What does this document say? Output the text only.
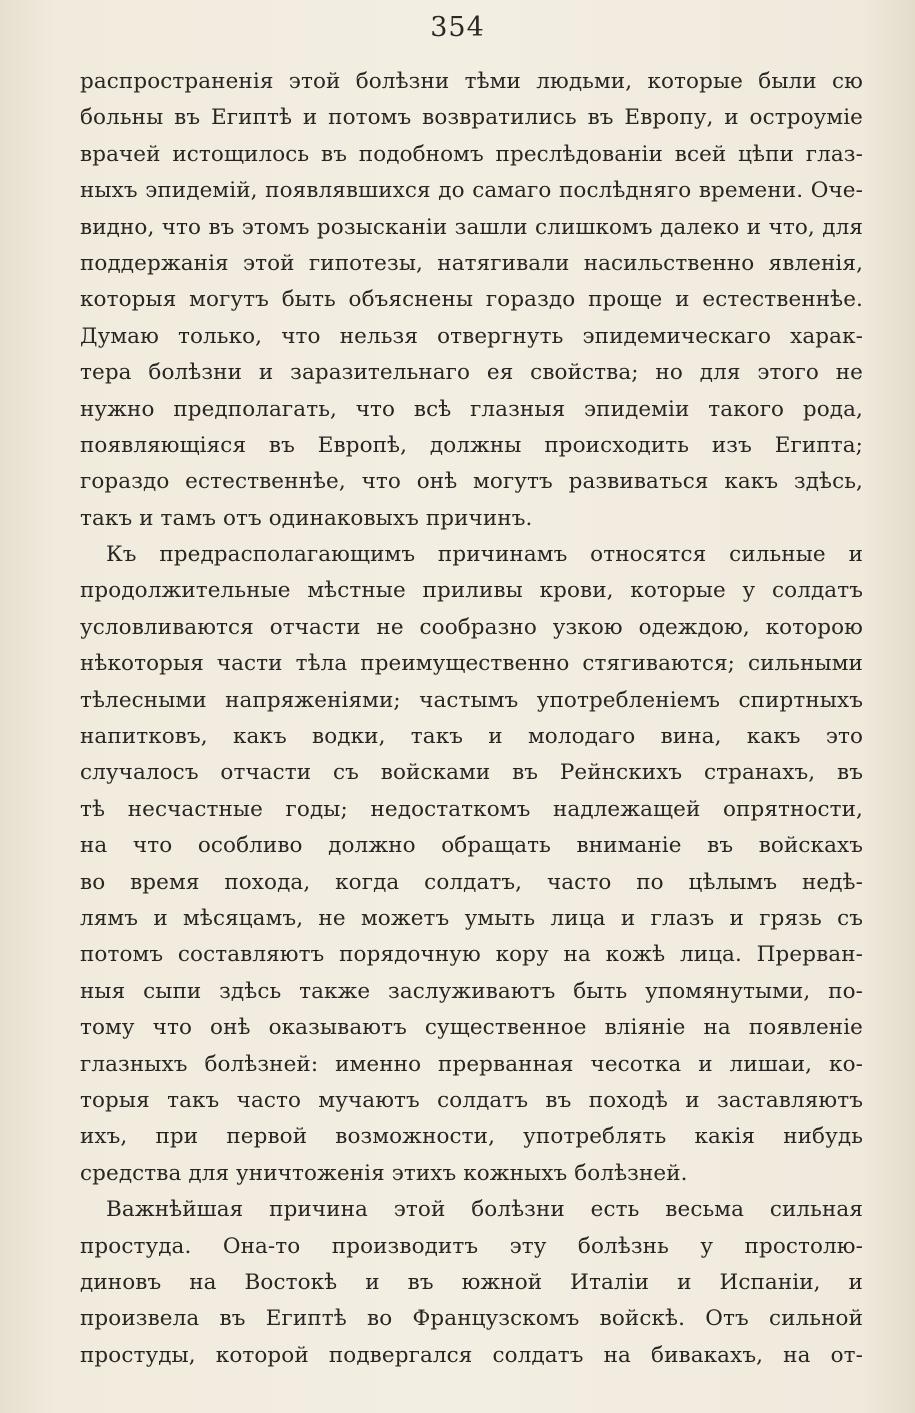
354
распространенія этой болѣзни тѣми людьми, которые были сю
больны въ Египтѣ и потомъ возвратились въ Европу, и остроуміе
врачей истощилось въ подобномъ преслѣдованіи всей цѣпи глаз-
ныхъ эпидемій, появлявшихся до самаго послѣдняго времени. Оче-
видно, что въ этомъ розысканіи зашли слишкомъ далеко и что, для
поддержанія этой гипотезы, натягивали насильственно явленія,
которыя могутъ быть объяснены гораздо проще и естественнѣе.
Думаю только, что нельзя отвергнуть эпидемическаго харак-
тера болѣзни и заразительнаго ея свойства; но для этого не
нужно предполагать, что всѣ глазныя эпидеміи такого рода,
появляющіяся въ Европѣ, должны происходить изъ Египта;
гораздо естественнѣе, что онѣ могутъ развиваться какъ здѣсь,
такъ и тамъ отъ одинаковыхъ причинъ.
Къ предрасполагающимъ причинамъ относятся сильные и
продолжительные мѣстные приливы крови, которые у солдатъ
условливаются отчасти не сообразно узкою одеждою, которою
нѣкоторыя части тѣла преимущественно стягиваются; сильными
тѣлесными напряженіями; частымъ употребленіемъ спиртныхъ
напитковъ, какъ водки, такъ и молодаго вина, какъ это
случалосъ отчасти съ войсками въ Рейнскихъ странахъ, въ
тѣ несчастные годы; недостаткомъ надлежащей опрятности,
на что особливо должно обращать вниманіе въ войскахъ
во время похода, когда солдатъ, часто по цѣлымъ недѣ-
лямъ и мѣсяцамъ, не можетъ умыть лица и глазъ и грязь съ
потомъ составляютъ порядочную кору на кожѣ лица. Прерван-
ныя сыпи здѣсь также заслуживаютъ быть упомянутыми, по-
тому что онѣ оказываютъ существенное вліяніе на появленіе
глазныхъ болѣзней: именно прерванная чесотка и лишаи, ко-
торыя такъ часто мучаютъ солдатъ въ походѣ и заставляютъ
ихъ, при первой возможности, употреблять какія нибудь
средства для уничтоженія этихъ кожныхъ болѣзней.
Важнѣйшая причина этой болѣзни есть весьма сильная
простуда. Она-то производитъ эту болѣзнь у простолю-
диновъ на Востокѣ и въ южной Италіи и Испаніи, и
произвела въ Египтѣ во Французскомъ войскѣ. Отъ сильной
простуды, которой подвергался солдатъ на бивакахъ, на от-
